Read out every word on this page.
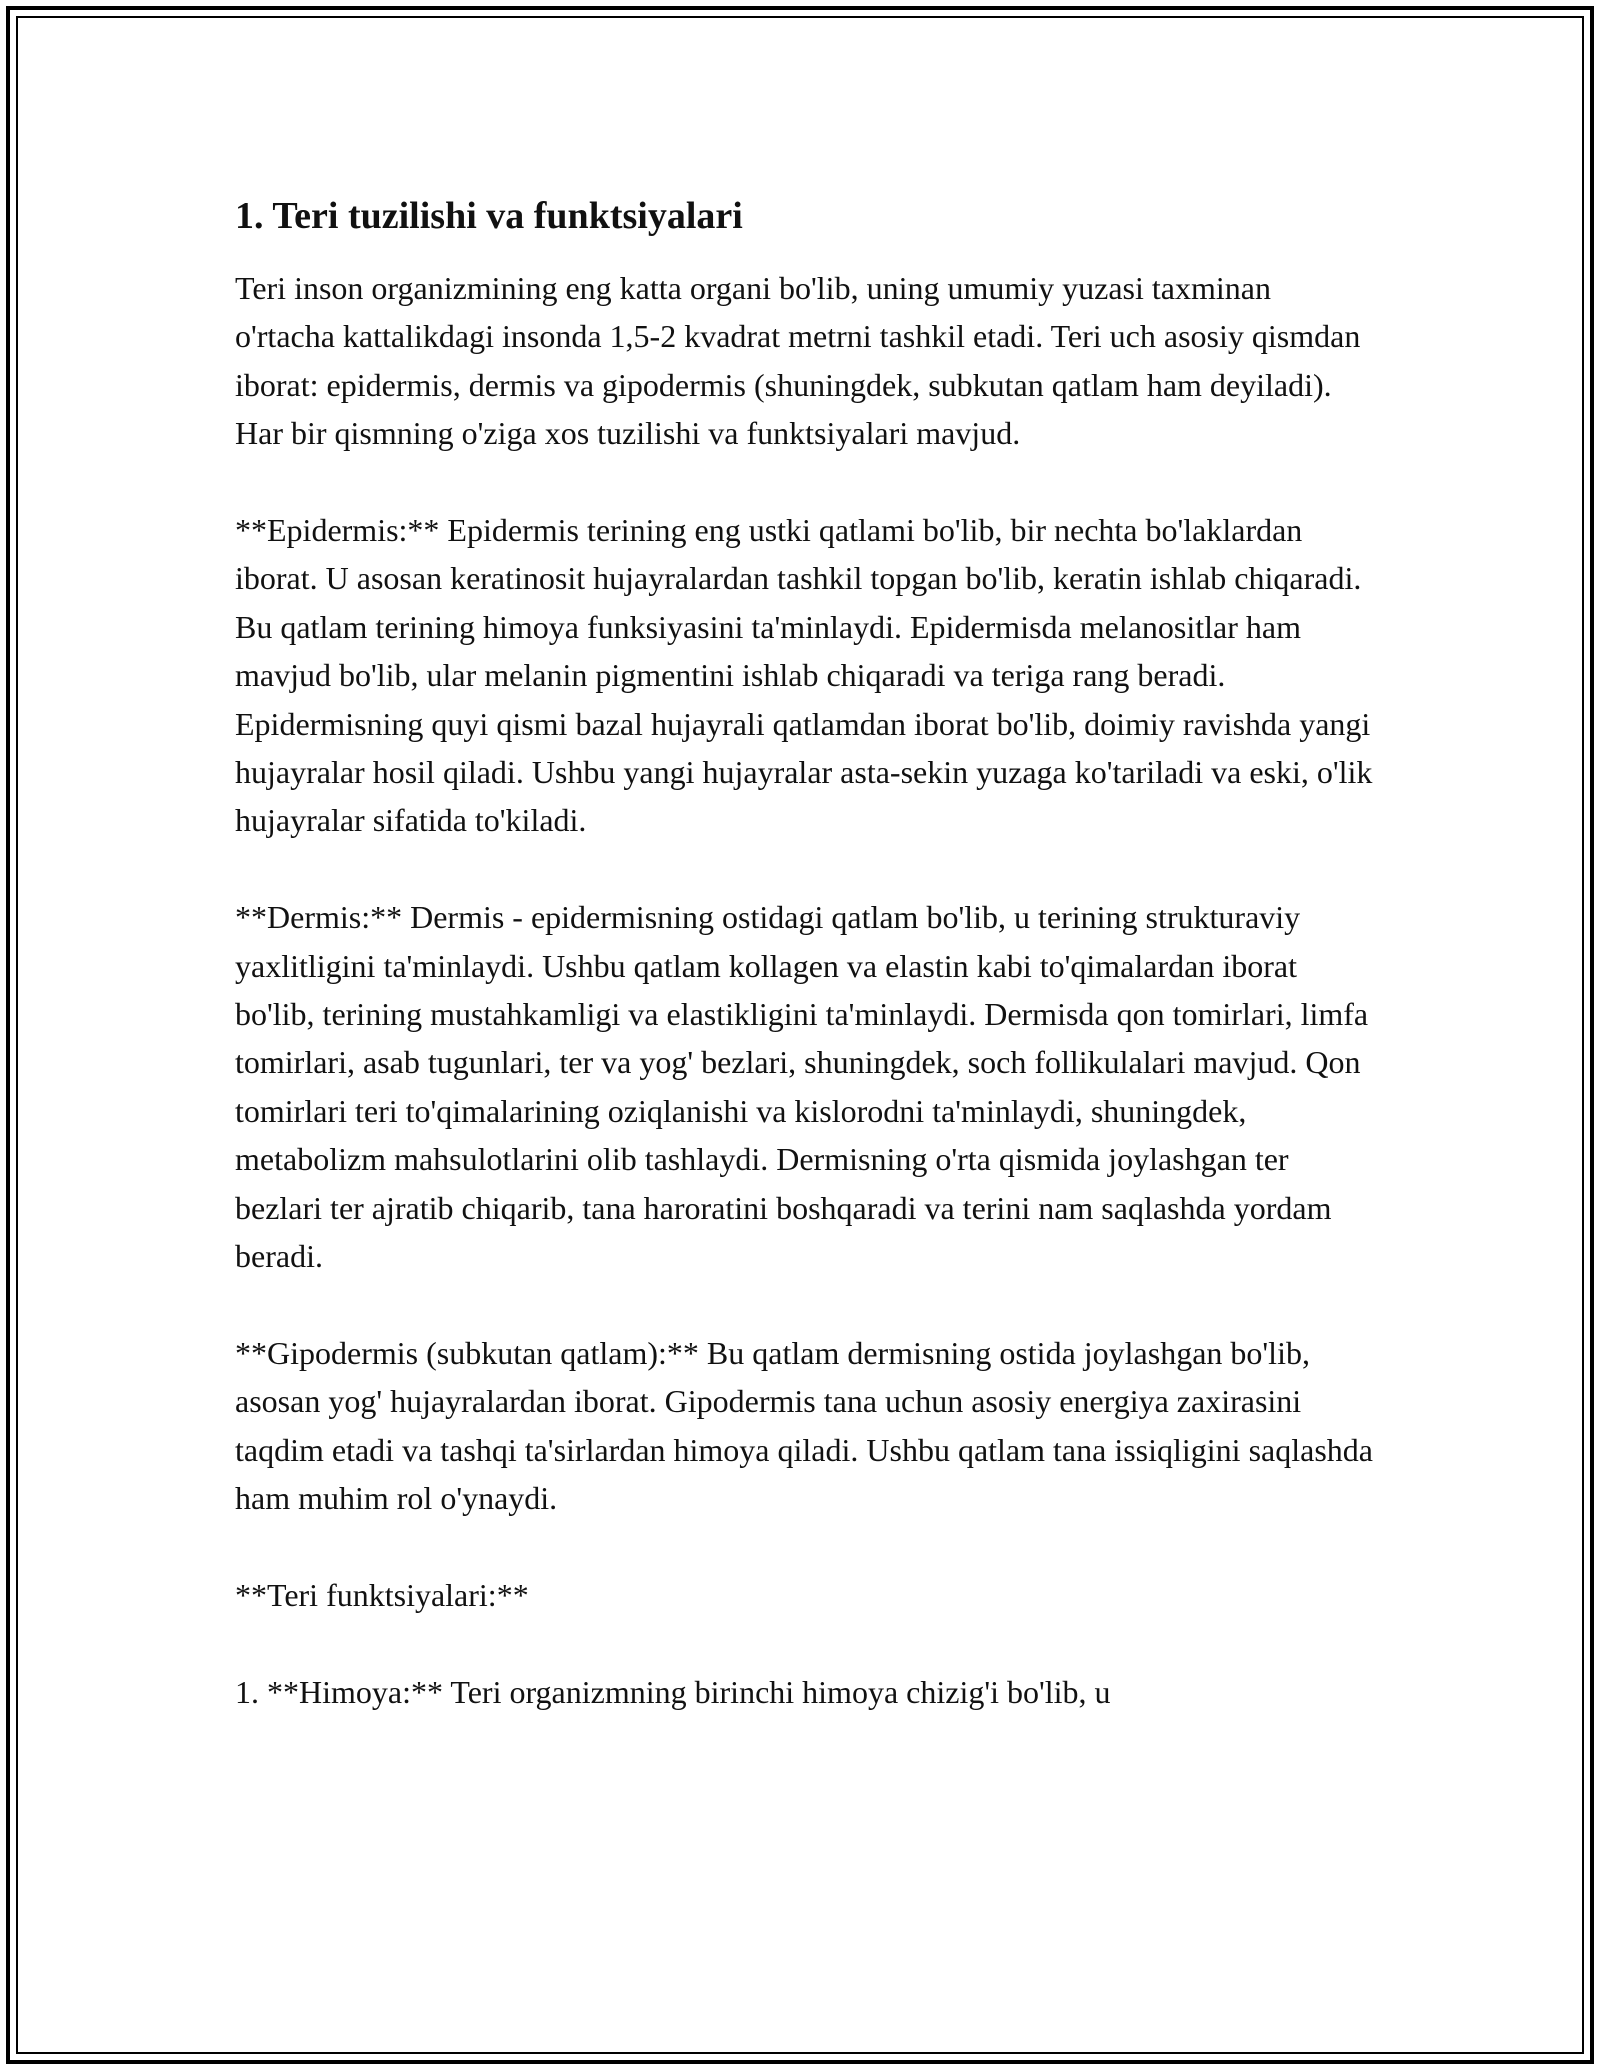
1. Teri tuzilishi va funktsiyalari

Teri inson organizmining eng katta organi bo'lib, uning umumiy yuzasi taxminan o'rtacha kattalikdagi insonda 1,5-2 kvadrat metrni tashkil etadi. Teri uch asosiy qismdan iborat: epidermis, dermis va gipodermis (shuningdek, subkutan qatlam ham deyiladi). Har bir qismning o'ziga xos tuzilishi va funktsiyalari mavjud.

**Epidermis:** Epidermis terining eng ustki qatlami bo'lib, bir nechta bo'laklardan iborat. U asosan keratinosit hujayralardan tashkil topgan bo'lib, keratin ishlab chiqaradi. Bu qatlam terining himoya funksiyasini ta'minlaydi. Epidermisda melanositlar ham mavjud bo'lib, ular melanin pigmentini ishlab chiqaradi va teriga rang beradi. Epidermisning quyi qismi bazal hujayrali qatlamdan iborat bo'lib, doimiy ravishda yangi hujayralar hosil qiladi. Ushbu yangi hujayralar asta-sekin yuzaga ko'tariladi va eski, o'lik hujayralar sifatida to'kiladi.

**Dermis:** Dermis - epidermisning ostidagi qatlam bo'lib, u terining strukturaviy yaxlitligini ta'minlaydi. Ushbu qatlam kollagen va elastin kabi to'qimalardan iborat bo'lib, terining mustahkamligi va elastikligini ta'minlaydi. Dermisda qon tomirlari, limfa tomirlari, asab tugunlari, ter va yog' bezlari, shuningdek, soch follikulalari mavjud. Qon tomirlari teri to'qimalarining oziqlanishi va kislorodni ta'minlaydi, shuningdek, metabolizm mahsulotlarini olib tashlaydi. Dermisning o'rta qismida joylashgan ter bezlari ter ajratib chiqarib, tana haroratini boshqaradi va terini nam saqlashda yordam beradi.

**Gipodermis (subkutan qatlam):** Bu qatlam dermisning ostida joylashgan bo'lib, asosan yog' hujayralardan iborat. Gipodermis tana uchun asosiy energiya zaxirasini taqdim etadi va tashqi ta'sirlardan himoya qiladi. Ushbu qatlam tana issiqligini saqlashda ham muhim rol o'ynaydi.

**Teri funktsiyalari:**

1. **Himoya:** Teri organizmning birinchi himoya chizig'i bo'lib, u
